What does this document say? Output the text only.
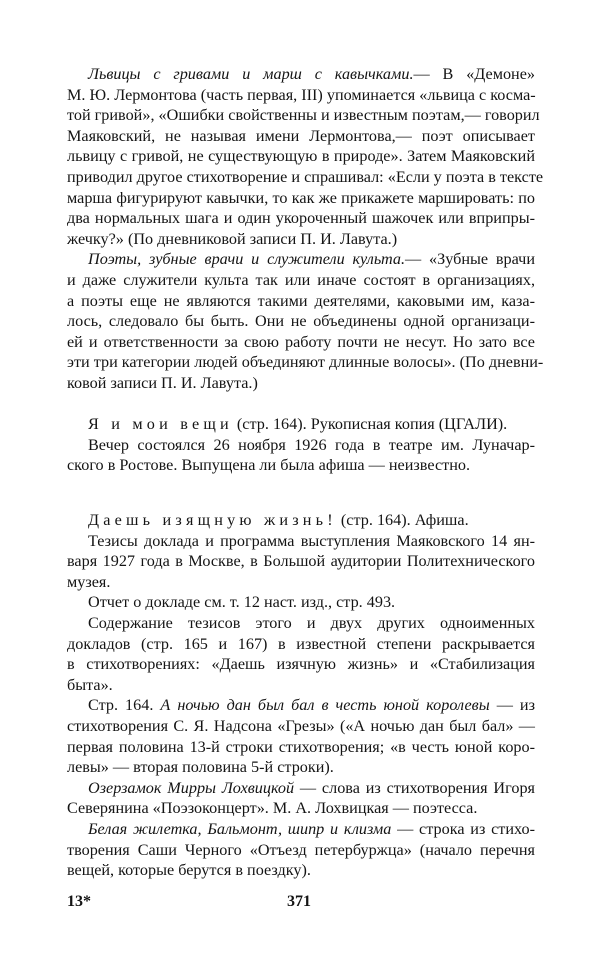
Львицы с гривами и марш с кавычками.— В «Демоне»
М. Ю. Лермонтова (часть первая, III) упоминается «львица с косма-
той гривой», «Ошибки свойственны и известным поэтам,— говорил
Маяковский, не называя имени Лермонтова,— поэт описывает
львицу с гривой, не существующую в природе». Затем Маяковский
приводил другое стихотворение и спрашивал: «Если у поэта в тексте
марша фигурируют кавычки, то как же прикажете маршировать: по
два нормальных шага и один укороченный шажочек или вприпры-
жечку?» (По дневниковой записи П. И. Лавута.)

Поэты, зубные врачи и служители культа.— «Зубные врачи
и даже служители культа так или иначе состоят в организациях,
а поэты еще не являются такими деятелями, каковыми им, каза-
лось, следовало бы быть. Они не объединены одной организаци-
ей и ответственности за свою работу почти не несут. Но зато все
эти три категории людей объединяют длинные волосы». (По дневни-
ковой записи П. И. Лавута.)

Я и мои вещи (стр. 164). Рукописная копия (ЦГАЛИ).

Вечер состоялся 26 ноября 1926 года в театре им. Луначар-
ского в Ростове. Выпущена ли была афиша — неизвестно.

Даешь изящную жизнь! (стр. 164). Афиша.

Тезисы доклада и программа выступления Маяковского 14 ян-
варя 1927 года в Москве, в Большой аудитории Политехнического
музея.

Отчет о докладе см. т. 12 наст. изд., стр. 493.

Содержание тезисов этого и двух других одноименных
докладов (стр. 165 и 167) в известной степени раскрывается
в стихотворениях: «Даешь изячную жизнь» и «Стабилизация
быта».

Стр. 164. А ночью дан был бал в честь юной королевы — из
стихотворения С. Я. Надсона «Грезы» («А ночью дан был бал» —
первая половина 13-й строки стихотворения; «в честь юной коро-
левы» — вторая половина 5-й строки).

Озерзамок Мирры Лохвицкой — слова из стихотворения Игоря
Северянина «Поэзоконцерт». М. А. Лохвицкая — поэтесса.

Белая жилетка, Бальмонт, шипр и клизма — строка из стихо-
творения Саши Черного «Отъезд петербуржца» (начало перечня
вещей, которые берутся в поездку).

13*	371
